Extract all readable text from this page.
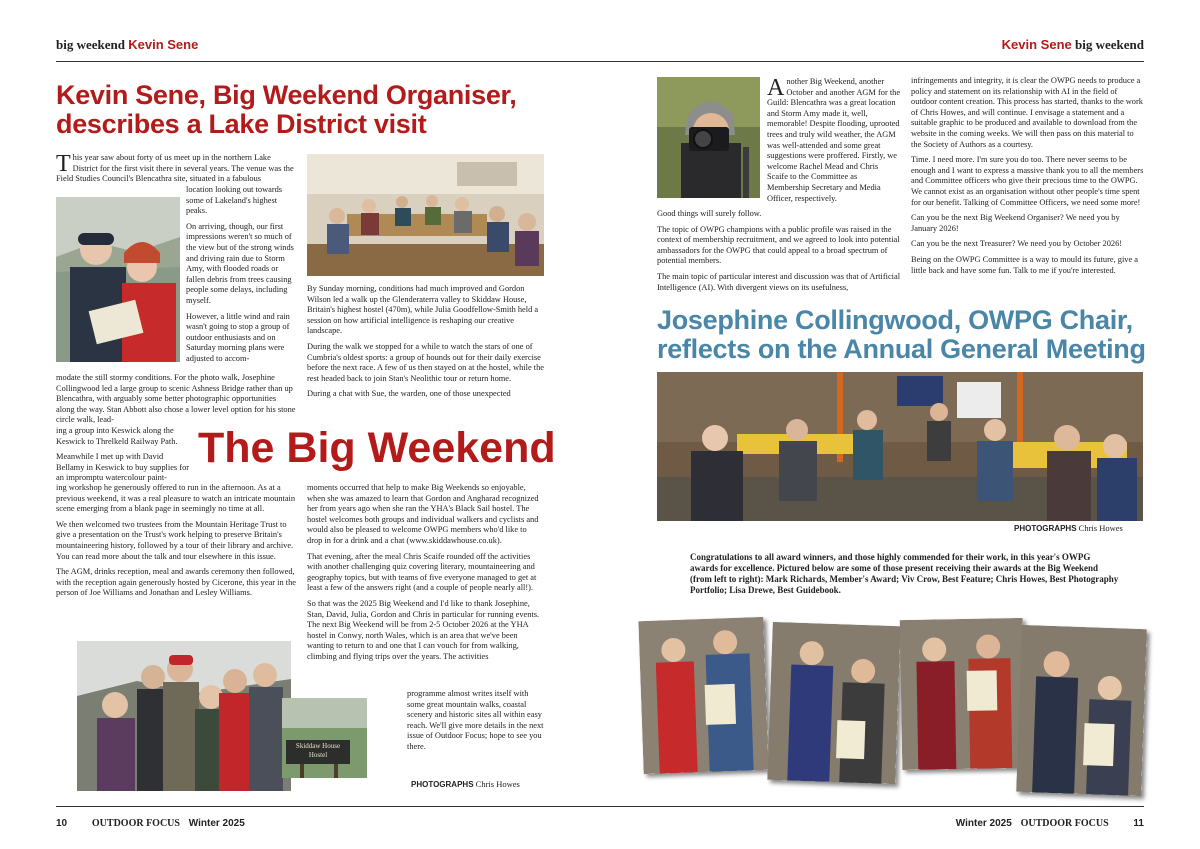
big weekend Kevin Sene	Kevin Sene big weekend
Kevin Sene, Big Weekend Organiser,
describes a Lake District visit
This year saw about forty of us meet up in the northern Lake District for the first visit there in several years. The venue was the Field Studies Council's Blencathra site, situated in a fabulous

location looking out towards some of Lakeland's highest peaks.

On arriving, though, our first impressions weren't so much of the view but of the strong winds and driving rain due to Storm Amy, with flooded roads or fallen debris from trees causing people some delays, including myself.

However, a little wind and rain wasn't going to stop a group of outdoor enthusiasts and on Saturday morning plans were adjusted to accom-

modate the still stormy conditions. For the photo walk, Josephine Collingwood led a large group to scenic Ashness Bridge rather than up Blencathra, with arguably some better photographic opportunities along the way. Stan Abbott also chose a lower level option for his stone circle walk, lead-

ing a group into Keswick along the Keswick to Threlkeld Railway Path.

Meanwhile I met up with David Bellamy in Keswick to buy supplies for an impromptu watercolour paint-

ing workshop he generously offered to run in the afternoon. As at a previous weekend, it was a real pleasure to watch an intricate mountain scene emerging from a blank page in seemingly no time at all.

We then welcomed two trustees from the Mountain Heritage Trust to give a presentation on the Trust's work helping to preserve Britain's mountaineering history, followed by a tour of their library and archive. You can read more about the talk and tour elsewhere in this issue.

The AGM, drinks reception, meal and awards ceremony then followed, with the reception again generously hosted by Cicerone, this year in the person of Joe Williams and Jonathan and Lesley Williams.

The Big Weekend

By Sunday morning, conditions had much improved and Gordon Wilson led a walk up the Glenderaterra valley to Skiddaw House, Britain's highest hostel (470m), while Julia Goodfellow-Smith held a session on how artificial intelligence is reshaping our creative landscape.

During the walk we stopped for a while to watch the stars of one of Cumbria's oldest sports: a group of hounds out for their daily exercise before the next race. A few of us then stayed on at the hostel, while the rest headed back to join Stan's Neolithic tour or return home.

During a chat with Sue, the warden, one of those unexpected

moments occurred that help to make Big Weekends so enjoyable, when she was amazed to learn that Gordon and Angharad recognized her from years ago when she ran the YHA's Black Sail hostel. The hostel welcomes both groups and individual walkers and cyclists and would also be pleased to welcome OWPG members who'd like to drop in for a drink and a chat (www.skiddawhouse.co.uk).

That evening, after the meal Chris Scaife rounded off the activities with another challenging quiz covering literary, mountaineering and geography topics, but with teams of five everyone managed to get at least a few of the answers right (and a couple of people nearly all!).

So that was the 2025 Big Weekend and I'd like to thank Josephine, Stan, David, Julia, Gordon and Chris in particular for running events. The next Big Weekend will be from 2-5 October 2026 at the YHA hostel in Conwy, north Wales, which is an area that we've been wanting to return to and one that I can vouch for from walking, climbing and flying trips over the years. The activities

programme almost writes itself with some great mountain walks, coastal scenery and historic sites all within easy reach. We'll give more details in the next issue of Outdoor Focus; hope to see you there.

Skiddaw House Hostel
PHOTOGRAPHS Chris Howes
Another Big Weekend, another October and another AGM for the Guild: Blencathra was a great location and Storm Amy made it, well, memorable! Despite flooding, uprooted trees and truly wild weather, the AGM was well-attended and some great suggestions were proffered. Firstly, we welcome Rachel Mead and Chris Scaife to the Committee as Membership Secretary and Media Officer, respectively.

Good things will surely follow.

The topic of OWPG champions with a public profile was raised in the context of membership recruitment, and we agreed to look into potential ambassadors for the OWPG that could appeal to a broad spectrum of potential members.

The main topic of particular interest and discussion was that of Artificial Intelligence (AI). With divergent views on its usefulness,

infringements and integrity, it is clear the OWPG needs to produce a policy and statement on its relationship with AI in the field of outdoor content creation. This process has started, thanks to the work of Chris Howes, and will continue. I envisage a statement and a suitable graphic to be produced and available to download from the website in the coming weeks. We will then pass on this material to the Society of Authors as a courtesy.

Time. I need more. I'm sure you do too. There never seems to be enough and I want to express a massive thank you to all the members and Committee officers who give their precious time to the OWPG. We cannot exist as an organisation without other people's time spent for our benefit. Talking of Committee Officers, we need some more!

Can you be the next Big Weekend Organiser? We need you by January 2026!

Can you be the next Treasurer? We need you by October 2026!

Being on the OWPG Committee is a way to mould its future, give a little back and have some fun. Talk to me if you're interested.

Josephine Collingwood, OWPG Chair,
reflects on the Annual General Meeting
PHOTOGRAPHS Chris Howes
Congratulations to all award winners, and those highly commended for their work, in this year's OWPG awards for excellence. Pictured below are some of those present receiving their awards at the Big Weekend (from left to right): Mark Richards, Member's Award; Viv Crow, Best Feature; Chris Howes, Best Photography Portfolio; Lisa Drewe, Best Guidebook.
10 OUTDOOR FOCUS Winter 2025	Winter 2025 OUTDOOR FOCUS 11
